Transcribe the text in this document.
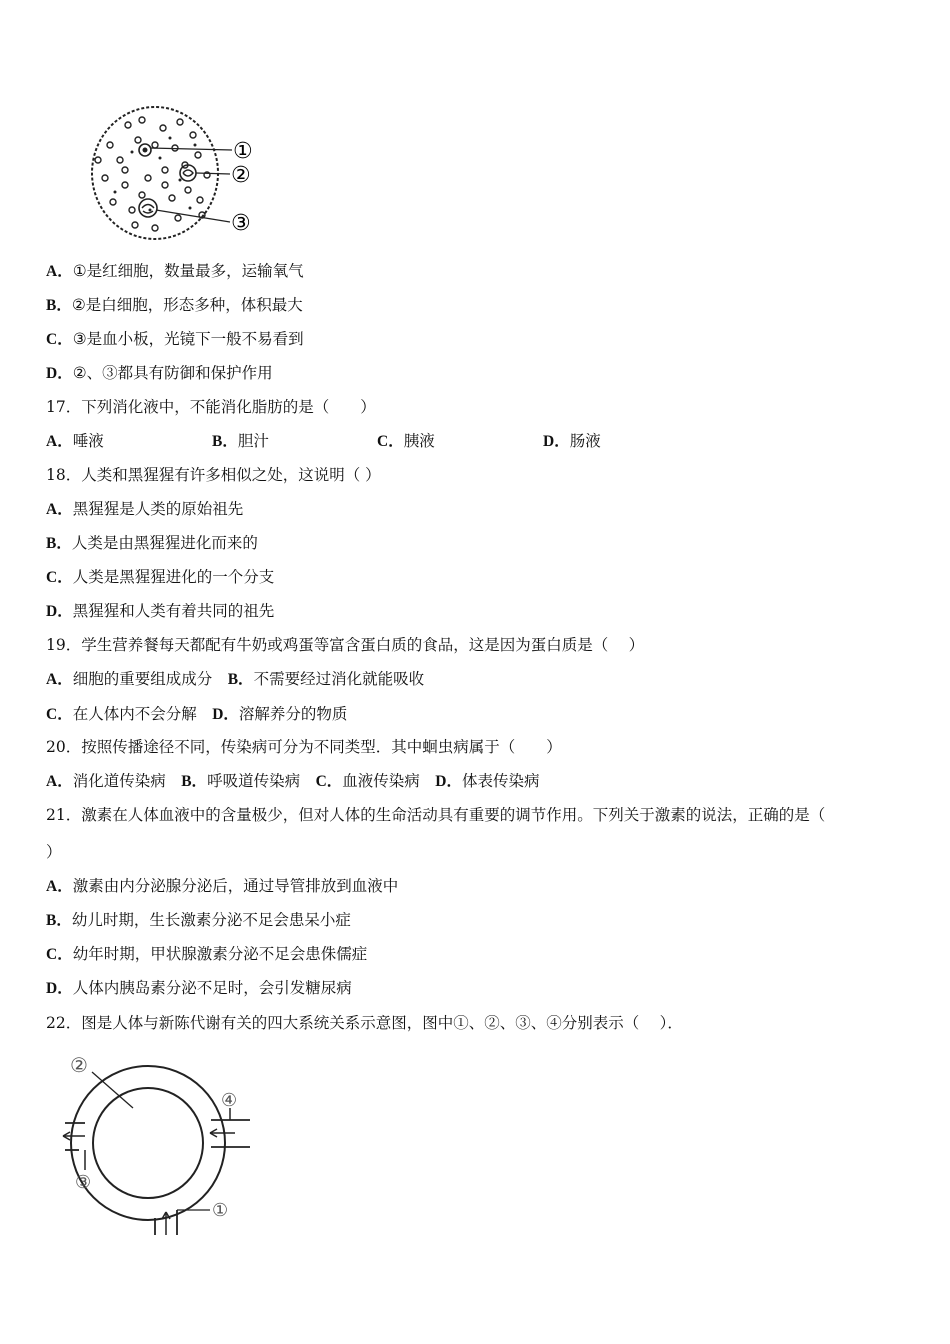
①
②
③
A．①是红细胞，数量最多，运输氧气
B．②是白细胞，形态多种，体积最大
C．③是血小板，光镜下一般不易看到
D．②、③都具有防御和保护作用
17．下列消化液中，不能消化脂肪的是（　　）
A．唾液	B．胆汁	C．胰液	D．肠液
18．人类和黑猩猩有许多相似之处，这说明（ ）
A．黑猩猩是人类的原始祖先
B．人类是由黑猩猩进化而来的
C．人类是黑猩猩进化的一个分支
D．黑猩猩和人类有着共同的祖先
19．学生营养餐每天都配有牛奶或鸡蛋等富含蛋白质的食品，这是因为蛋白质是（　 ）
A．细胞的重要组成成分　B．不需要经过消化就能吸收
C．在人体内不会分解　D．溶解养分的物质
20．按照传播途径不同，传染病可分为不同类型．其中蛔虫病属于（　　）
A．消化道传染病　B．呼吸道传染病　C．血液传染病　D．体表传染病
21．激素在人体血液中的含量极少，但对人体的生命活动具有重要的调节作用。下列关于激素的说法，正确的是（
）
A．激素由内分泌腺分泌后，通过导管排放到血液中
B．幼儿时期，生长激素分泌不足会患呆小症
C．幼年时期，甲状腺激素分泌不足会患侏儒症
D．人体内胰岛素分泌不足时，会引发糖尿病
22．图是人体与新陈代谢有关的四大系统关系示意图，图中①、②、③、④分别表示（　 ）．
②
④
③
①
